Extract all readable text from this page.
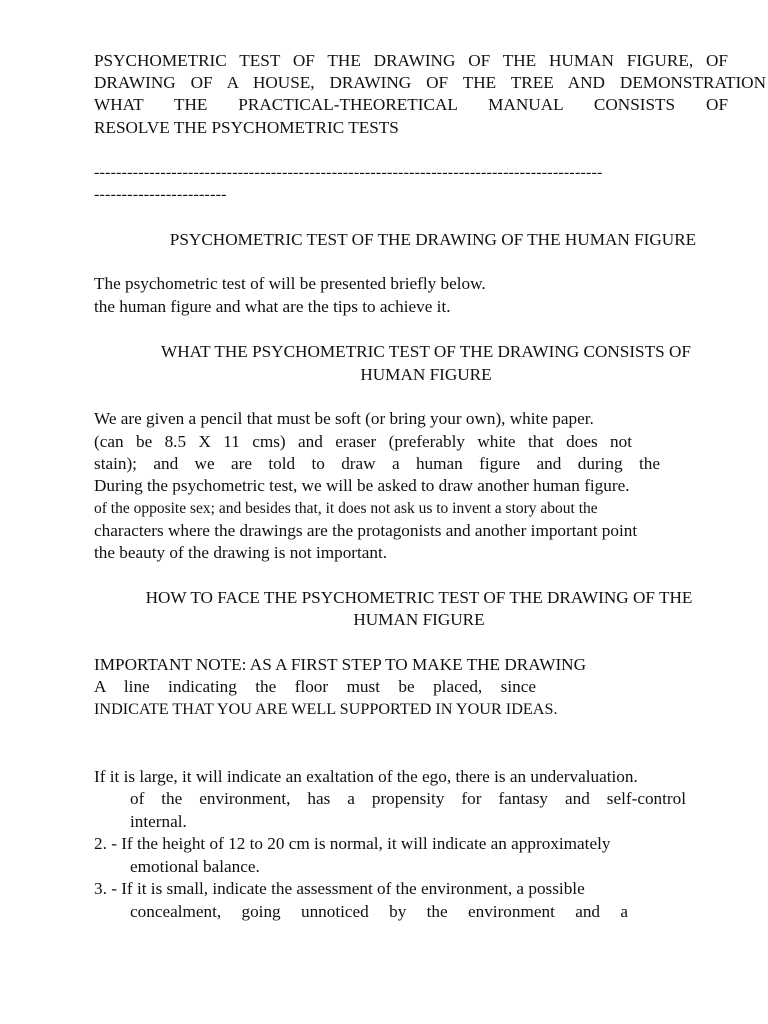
PSYCHOMETRIC TEST OF THE DRAWING OF THE HUMAN FIGURE, OF
DRAWING OF A HOUSE, DRAWING OF THE TREE AND DEMONSTRATION
WHAT THE PRACTICAL-THEORETICAL MANUAL CONSISTS OF
RESOLVE THE PSYCHOMETRIC TESTS
--------------------------------------------------------------------------------------------
------------------------
PSYCHOMETRIC TEST OF THE DRAWING OF THE HUMAN FIGURE
The psychometric test of will be presented briefly below.
the human figure and what are the tips to achieve it.
WHAT THE PSYCHOMETRIC TEST OF THE DRAWING CONSISTS OF
HUMAN FIGURE
We are given a pencil that must be soft (or bring your own), white paper.
(can be 8.5 X 11 cms) and eraser (preferably white that does not
stain); and we are told to draw a human figure and during the
During the psychometric test, we will be asked to draw another human figure.
of the opposite sex; and besides that, it does not ask us to invent a story about the
characters where the drawings are the protagonists and another important point
the beauty of the drawing is not important.
HOW TO FACE THE PSYCHOMETRIC TEST OF THE DRAWING OF THE
HUMAN FIGURE
IMPORTANT NOTE: AS A FIRST STEP TO MAKE THE DRAWING
A line indicating the floor must be placed, since
INDICATE THAT YOU ARE WELL SUPPORTED IN YOUR IDEAS.
If it is large, it will indicate an exaltation of the ego, there is an undervaluation.
of the environment, has a propensity for fantasy and self-control
internal.
2. - If the height of 12 to 20 cm is normal, it will indicate an approximately
emotional balance.
3. - If it is small, indicate the assessment of the environment, a possible
concealment, going unnoticed by the environment and a
